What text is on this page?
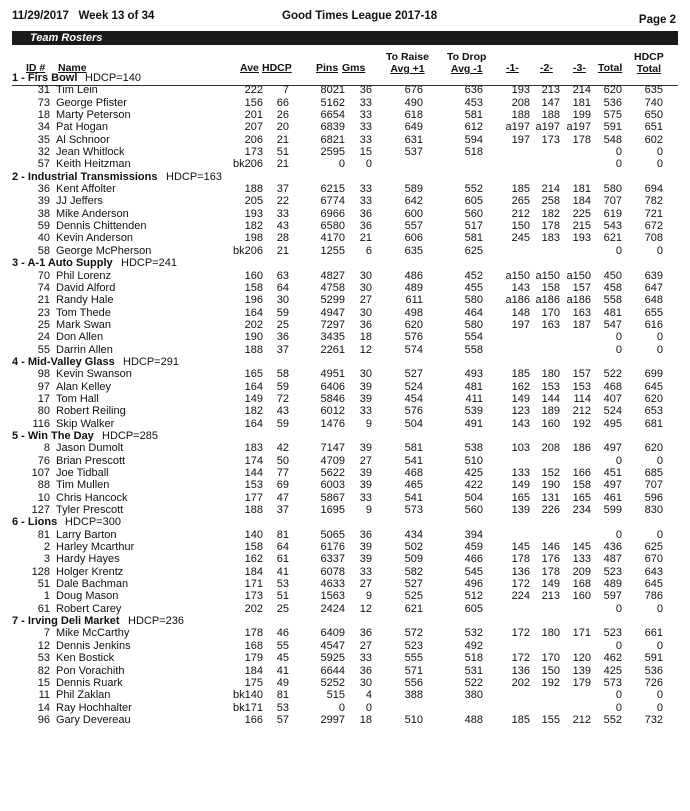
11/29/2017 Week 13 of 34	Good Times League 2017-18	Page 2
Team Rosters
ID # Name	Ave HDCP Pins Gms
To Raise
Avg +1
To Drop
Avg -1	-1- -2- -3- Total
HDCP
Total
1 - Firs Bowl HDCP=140
31 Tim Lein	222 7	8021 36	676	636	193 213 214 620 635
73 George Pfister	156 66	5162 33	490	453	208 147 181 536 740
18 Marty Peterson	201 26	6654 33	618	581	188 188 199 575 650
34 Pat Hogan	207 20	6839 33	649	612 a197 a197 a197 591 651
35 Al Schnoor	206 21	6821 33	631	594	197 173 178 548 602
32 Jean Whitlock	173 51	2595 15	537	518	0	0
57 Keith Heitzman	bk206 21	0 0	0	0
2 - Industrial Transmissions HDCP=163
36 Kent Affolter	188 37	6215 33	589	552	185 214 181 580 694
39 JJ Jeffers	205 22	6774 33	642	605	265 258 184 707 782
38 Mike Anderson	193 33	6966 36	600	560	212 182 225 619 721
59 Dennis Chittenden	182 43	6580 36	557	517	150 178 215 543 672
40 Kevin Anderson	198 28	4170 21	606	581	245 183 193 621 708
58 George McPherson	bk206 21	1255 6	635	625	0	0
3 - A-1 Auto Supply HDCP=241
70 Phil Lorenz	160 63	4827 30	486	452 a150 a150 a150 450 639
74 David Alford	158 64	4758 30	489	455	143 158 157 458 647
21 Randy Hale	196 30	5299 27	611	580 a186 a186 a186 558 648
23 Tom Thede	164 59	4947 30	498	464	148 170 163 481 655
25 Mark Swan	202 25	7297 36	620	580	197 163 187 547 616
24 Don Allen	190 36	3435 18	576	554	0	0
55 Darrin Allen	188 37	2261 12	574	558	0	0
4 - Mid-Valley Glass HDCP=291
98 Kevin Swanson	165 58	4951 30	527	493	185 180 157 522 699
97 Alan Kelley	164 59	6406 39	524	481	162 153 153 468 645
17 Tom Hall	149 72	5846 39	454	411	149 144 114 407 620
80 Robert Reiling	182 43	6012 33	576	539	123 189 212 524 653
116 Skip Walker	164 59	1476 9	504	491	143 160 192 495 681
5 - Win The Day HDCP=285
8 Jason Dumolt	183 42	7147 39	581	538	103 208 186 497 620
76 Brian Prescott	174 50	4709 27	541	510	0	0
107 Joe Tidball	144 77	5622 39	468	425	133 152 166 451 685
88 Tim Mullen	153 69	6003 39	465	422	149 190 158 497 707
10 Chris Hancock	177 47	5867 33	541	504	165 131 165 461 596
127 Tyler Prescott	188 37	1695 9	573	560	139 226 234 599 830
6 - Lions HDCP=300
81 Larry Barton	140 81	5065 36	434	394	0	0
2 Harley Mcarthur	158 64	6176 39	502	459	145 146 145 436 625
3 Hardy Hayes	162 61	6337 39	509	466	178 176 133 487 670
128 Holger Krentz	184 41	6078 33	582	545	136 178 209 523 643
51 Dale Bachman	171 53	4633 27	527	496	172 149 168 489 645
1 Doug Mason	173 51	1563 9	525	512	224 213 160 597 786
61 Robert Carey	202 25	2424 12	621	605	0	0
7 - Irving Deli Market HDCP=236
7 Mike McCarthy	178 46	6409 36	572	532	172 180 171 523 661
12 Dennis Jenkins	168 55	4547 27	523	492	0	0
53 Ken Bostick	179 45	5925 33	555	518	172 170 120 462 591
82 Pon Vorachith	184 41	6644 36	571	531	136 150 139 425 536
15 Dennis Ruark	175 49	5252 30	556	522	202 192 179 573 726
11 Phil Zaklan	bk140 81	515 4	388	380	0	0
14 Ray Hochhalter	bk171 53	0 0	0	0
96 Gary Devereau	166 57	2997 18	510	488	185 155 212 552 732
